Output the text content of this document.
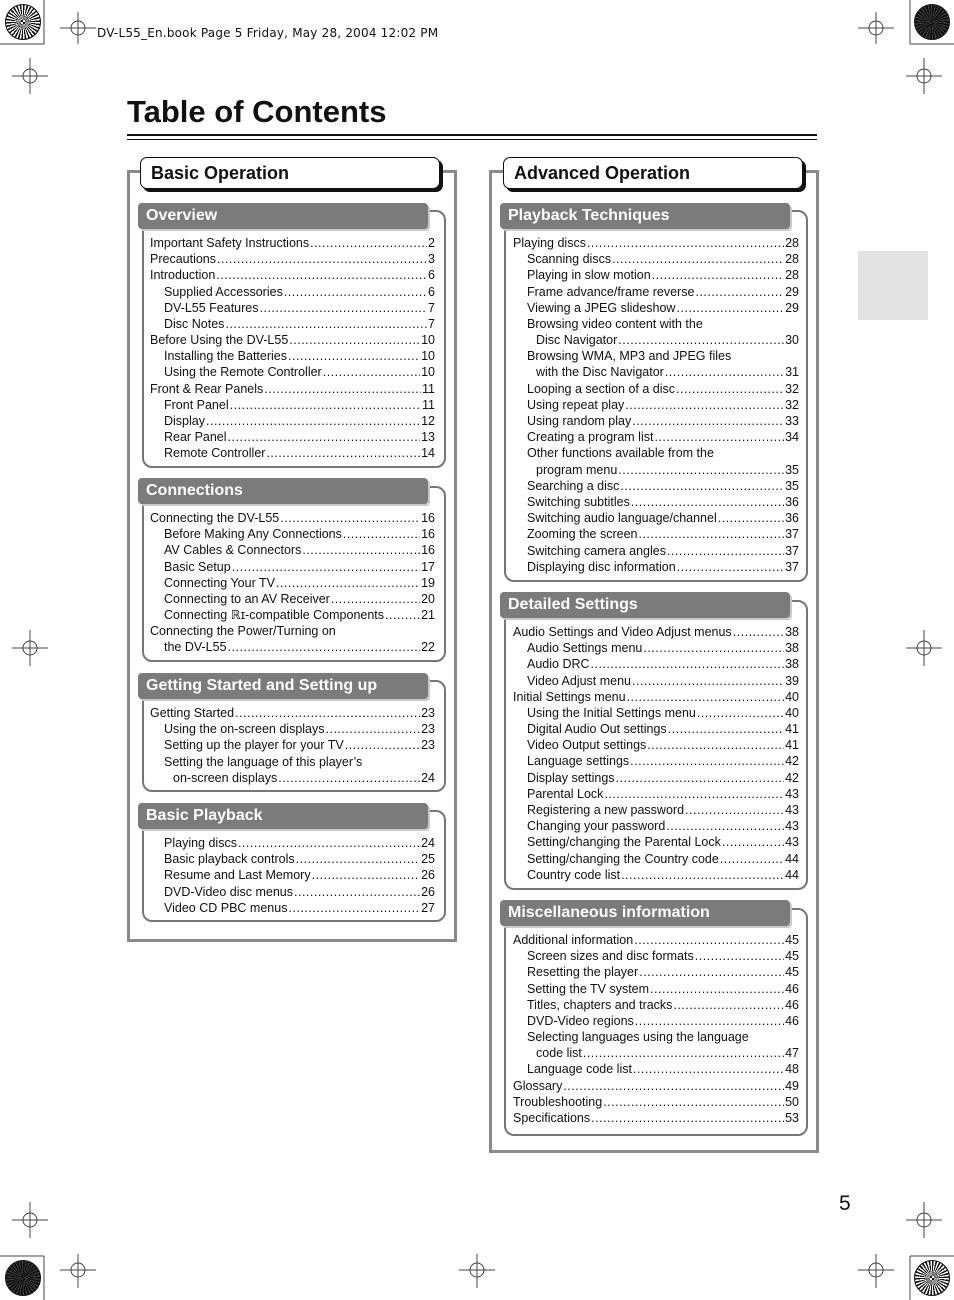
DV-L55_En.book Page 5 Friday, May 28, 2004 12:02 PM
Table of Contents
Basic Operation
Overview
Important Safety Instructions .....	2
Precautions .....	3
Introduction .....	6
Supplied Accessories .....	6
DV-L55 Features .....	7
Disc Notes .....	7
Before Using the DV-L55 .....	10
Installing the Batteries .....	10
Using the Remote Controller .....	10
Front & Rear Panels .....	11
Front Panel .....	11
Display .....	12
Rear Panel .....	13
Remote Controller .....	14
Connections
Connecting the DV-L55 .....	16
Before Making Any Connections .....	16
AV Cables & Connectors .....	16
Basic Setup .....	17
Connecting Your TV .....	19
Connecting to an AV Receiver .....	20
Connecting ℝɪ-compatible Components .....	21
Connecting the Power/Turning on
the DV-L55 .....	22
Getting Started and Setting up
Getting Started .....	23
Using the on-screen displays .....	23
Setting up the player for your TV .....	23
Setting the language of this player’s
on-screen displays .....	24
Basic Playback
Playing discs .....	24
Basic playback controls .....	25
Resume and Last Memory .....	26
DVD-Video disc menus .....	26
Video CD PBC menus .....	27
Advanced Operation
Playback Techniques
Playing discs .....	28
Scanning discs .....	28
Playing in slow motion .....	28
Frame advance/frame reverse .....	29
Viewing a JPEG slideshow .....	29
Browsing video content with the
Disc Navigator .....	30
Browsing WMA, MP3 and JPEG files
with the Disc Navigator .....	31
Looping a section of a disc .....	32
Using repeat play .....	32
Using random play .....	33
Creating a program list .....	34
Other functions available from the
program menu .....	35
Searching a disc .....	35
Switching subtitles .....	36
Switching audio language/channel .....	36
Zooming the screen .....	37
Switching camera angles .....	37
Displaying disc information .....	37
Detailed Settings
Audio Settings and Video Adjust menus .....	38
Audio Settings menu .....	38
Audio DRC .....	38
Video Adjust menu .....	39
Initial Settings menu .....	40
Using the Initial Settings menu .....	40
Digital Audio Out settings .....	41
Video Output settings .....	41
Language settings .....	42
Display settings .....	42
Parental Lock .....	43
Registering a new password .....	43
Changing your password .....	43
Setting/changing the Parental Lock .....	43
Setting/changing the Country code .....	44
Country code list .....	44
Miscellaneous information
Additional information .....	45
Screen sizes and disc formats .....	45
Resetting the player .....	45
Setting the TV system .....	46
Titles, chapters and tracks .....	46
DVD-Video regions .....	46
Selecting languages using the language
code list .....	47
Language code list .....	48
Glossary .....	49
Troubleshooting .....	50
Specifications .....	53
5
